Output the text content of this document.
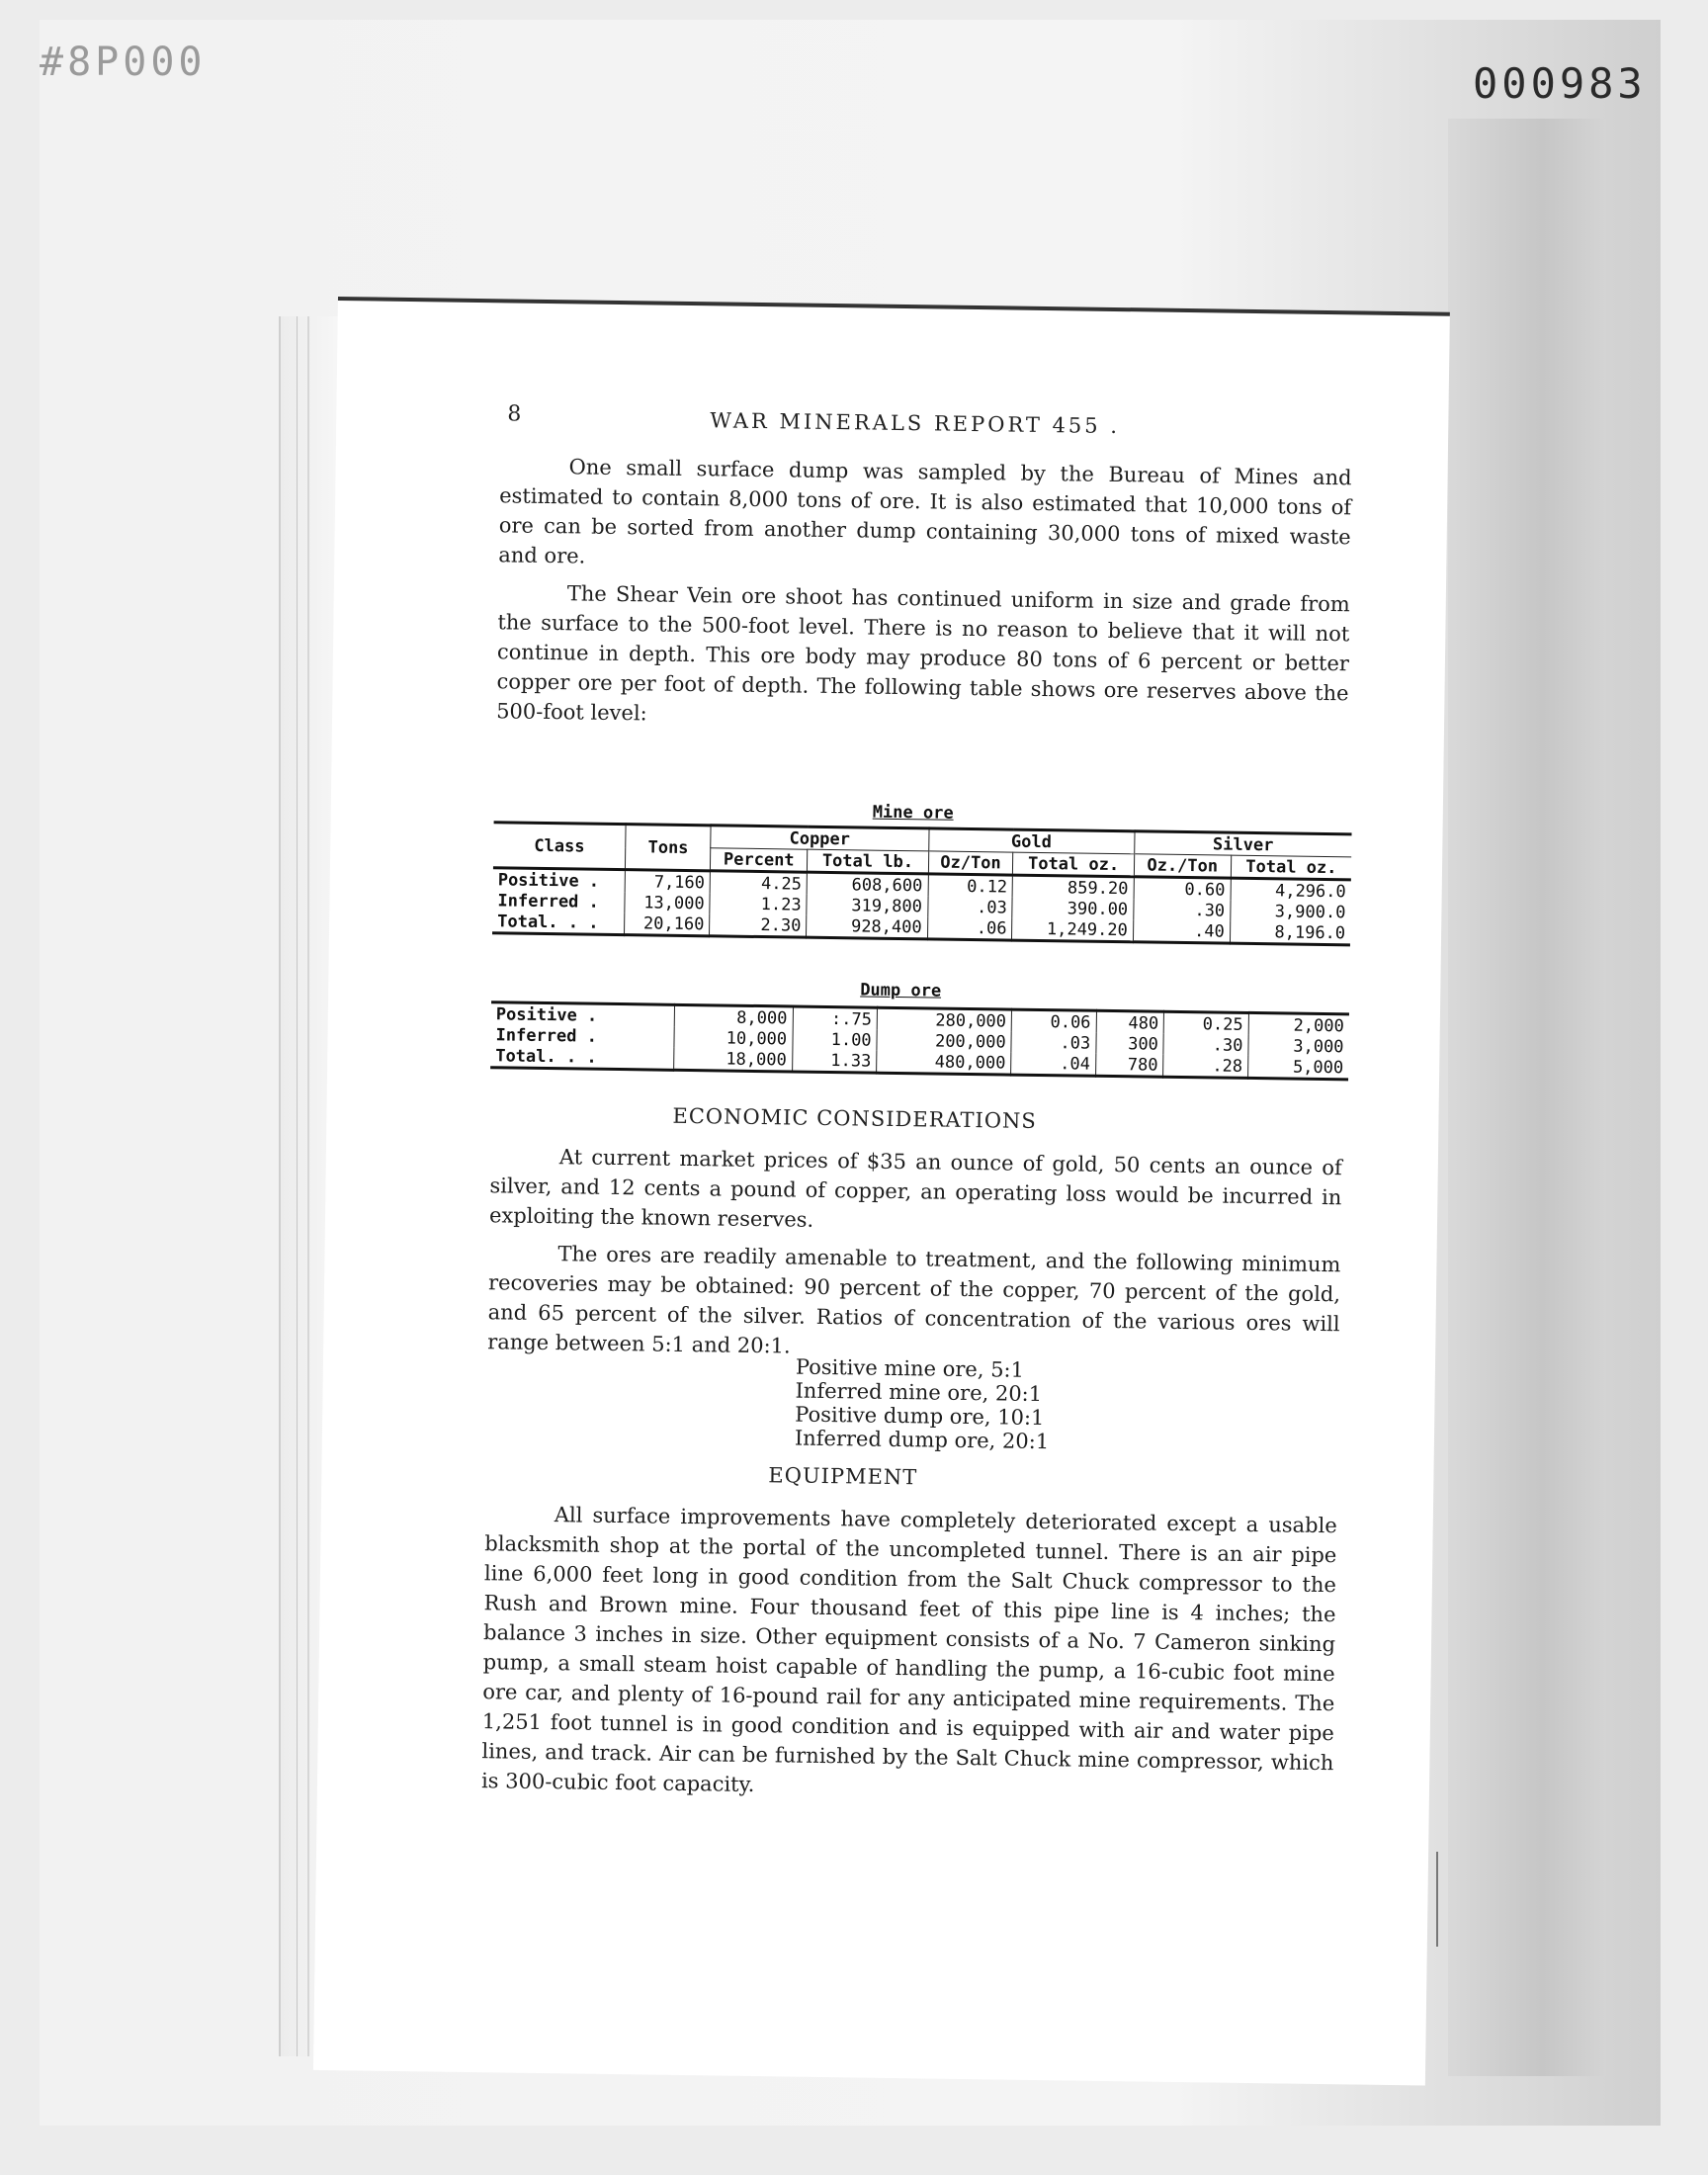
#8P000	000983
8	WAR MINERALS REPORT 455 .

One small surface dump was sampled by the Bureau of Mines and estimated to contain 8,000 tons of ore. It is also estimated that 10,000 tons of ore can be sorted from another dump containing 30,000 tons of mixed waste and ore.

The Shear Vein ore shoot has continued uniform in size and grade from the surface to the 500-foot level. There is no reason to believe that it will not continue in depth. This ore body may produce 80 tons of 6 percent or better copper ore per foot of depth. The following table shows ore reserves above the 500-foot level:

Mine ore
Class	Tons	Copper		Gold		Silver	
		Percent	Total lb.	Oz/Ton	Total oz.	Oz./Ton	Total oz.
Positive .	7,160	4.25	608,600	0.12	859.20	0.60	4,296.0
Inferred .	13,000	1.23	319,800	.03	390.00	.30	3,900.0
Total. . .	20,160	2.30	928,400	.06	1,249.20	.40	8,196.0
Dump ore
Positive .	8,000	:.75	280,000	0.06	480	0.25	2,000
Inferred .	10,000	1.00	200,000	.03	300	.30	3,000
Total. . .	18,000	1.33	480,000	.04	780	.28	5,000
ECONOMIC CONSIDERATIONS

At current market prices of $35 an ounce of gold, 50 cents an ounce of silver, and 12 cents a pound of copper, an operating loss would be incurred in exploiting the known reserves.

The ores are readily amenable to treatment, and the following minimum recoveries may be obtained: 90 percent of the copper, 70 percent of the gold, and 65 percent of the silver. Ratios of concentration of the various ores will range between 5:1 and 20:1.

Positive mine ore, 5:1
Inferred mine ore, 20:1
Positive dump ore, 10:1
Inferred dump ore, 20:1
EQUIPMENT

All surface improvements have completely deteriorated except a usable blacksmith shop at the portal of the uncompleted tunnel. There is an air pipe line 6,000 feet long in good condition from the Salt Chuck compressor to the Rush and Brown mine. Four thousand feet of this pipe line is 4 inches; the balance 3 inches in size. Other equipment consists of a No. 7 Cameron sinking pump, a small steam hoist capable of handling the pump, a 16-cubic foot mine ore car, and plenty of 16-pound rail for any anticipated mine requirements. The 1,251 foot tunnel is in good condition and is equipped with air and water pipe lines, and track. Air can be furnished by the Salt Chuck mine compressor, which is 300-cubic foot capacity.
